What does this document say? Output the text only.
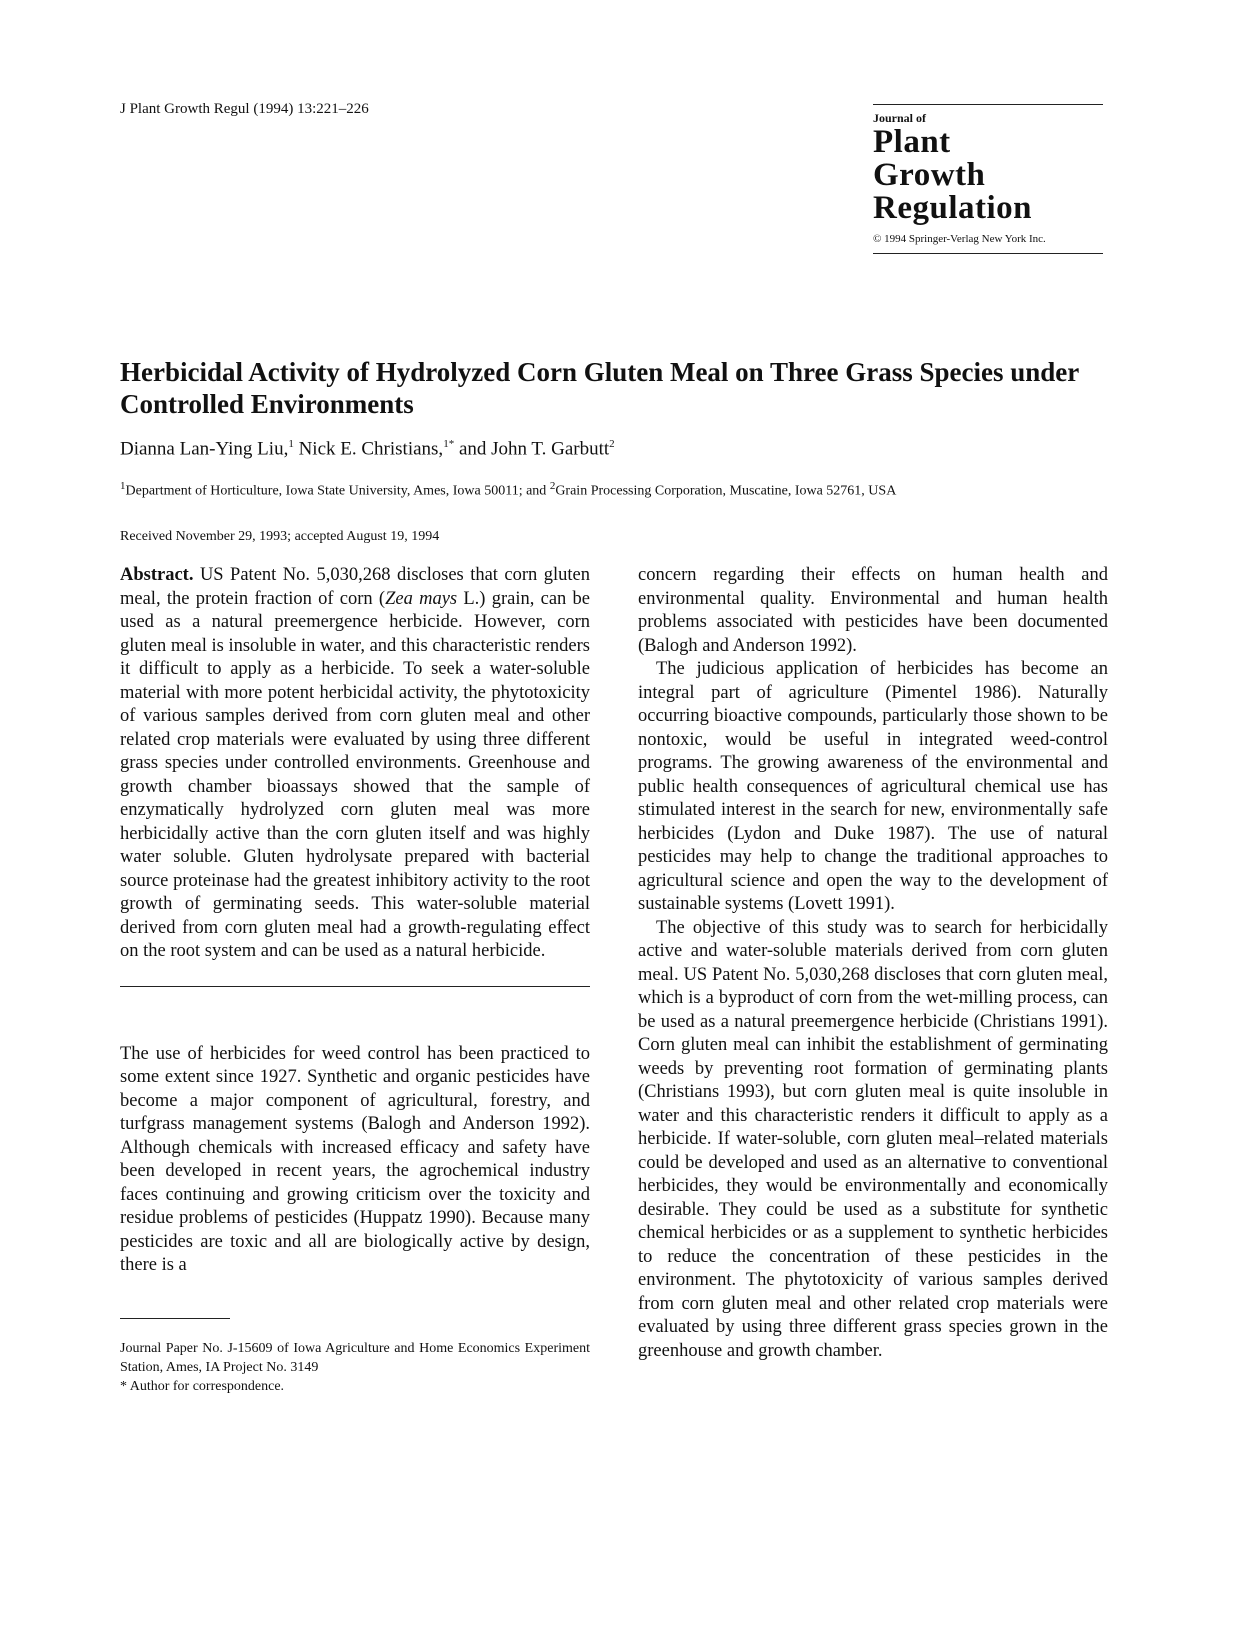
J Plant Growth Regul (1994) 13:221–226
Journal of
Plant
Growth
Regulation
© 1994 Springer-Verlag New York Inc.
Herbicidal Activity of Hydrolyzed Corn Gluten Meal on Three Grass Species under Controlled Environments
Dianna Lan-Ying Liu,$^1$ Nick E. Christians,$^{1*}$ and John T. Garbutt$^2$
$^1$Department of Horticulture, Iowa State University, Ames, Iowa 50011; and $^2$Grain Processing Corporation, Muscatine, Iowa 52761, USA
Received November 29, 1993; accepted August 19, 1994

Abstract. US Patent No. 5,030,268 discloses that corn gluten meal, the protein fraction of corn (Zea mays L.) grain, can be used as a natural preemergence herbicide. However, corn gluten meal is insoluble in water, and this characteristic renders it difficult to apply as a herbicide. To seek a water-soluble material with more potent herbicidal activity, the phytotoxicity of various samples derived from corn gluten meal and other related crop materials were evaluated by using three different grass species under controlled environments. Greenhouse and growth chamber bioassays showed that the sample of enzymatically hydrolyzed corn gluten meal was more herbicidally active than the corn gluten itself and was highly water soluble. Gluten hydrolysate prepared with bacterial source proteinase had the greatest inhibitory activity to the root growth of germinating seeds. This water-soluble material derived from corn gluten meal had a growth-regulating effect on the root system and can be used as a natural herbicide.

The use of herbicides for weed control has been practiced to some extent since 1927. Synthetic and organic pesticides have become a major component of agricultural, forestry, and turfgrass management systems (Balogh and Anderson 1992). Although chemicals with increased efficacy and safety have been developed in recent years, the agrochemical industry faces continuing and growing criticism over the toxicity and residue problems of pesticides (Huppatz 1990). Because many pesticides are toxic and all are biologically active by design, there is a

Journal Paper No. J-15609 of Iowa Agriculture and Home Economics Experiment Station, Ames, IA Project No. 3149

* Author for correspondence.

concern regarding their effects on human health and environmental quality. Environmental and human health problems associated with pesticides have been documented (Balogh and Anderson 1992).

The judicious application of herbicides has become an integral part of agriculture (Pimentel 1986). Naturally occurring bioactive compounds, particularly those shown to be nontoxic, would be useful in integrated weed-control programs. The growing awareness of the environmental and public health consequences of agricultural chemical use has stimulated interest in the search for new, environmentally safe herbicides (Lydon and Duke 1987). The use of natural pesticides may help to change the traditional approaches to agricultural science and open the way to the development of sustainable systems (Lovett 1991).

The objective of this study was to search for herbicidally active and water-soluble materials derived from corn gluten meal. US Patent No. 5,030,268 discloses that corn gluten meal, which is a byproduct of corn from the wet-milling process, can be used as a natural preemergence herbicide (Christians 1991). Corn gluten meal can inhibit the establishment of germinating weeds by preventing root formation of germinating plants (Christians 1993), but corn gluten meal is quite insoluble in water and this characteristic renders it difficult to apply as a herbicide. If water-soluble, corn gluten meal–related materials could be developed and used as an alternative to conventional herbicides, they would be environmentally and economically desirable. They could be used as a substitute for synthetic chemical herbicides or as a supplement to synthetic herbicides to reduce the concentration of these pesticides in the environment. The phytotoxicity of various samples derived from corn gluten meal and other related crop materials were evaluated by using three different grass species grown in the greenhouse and growth chamber.
